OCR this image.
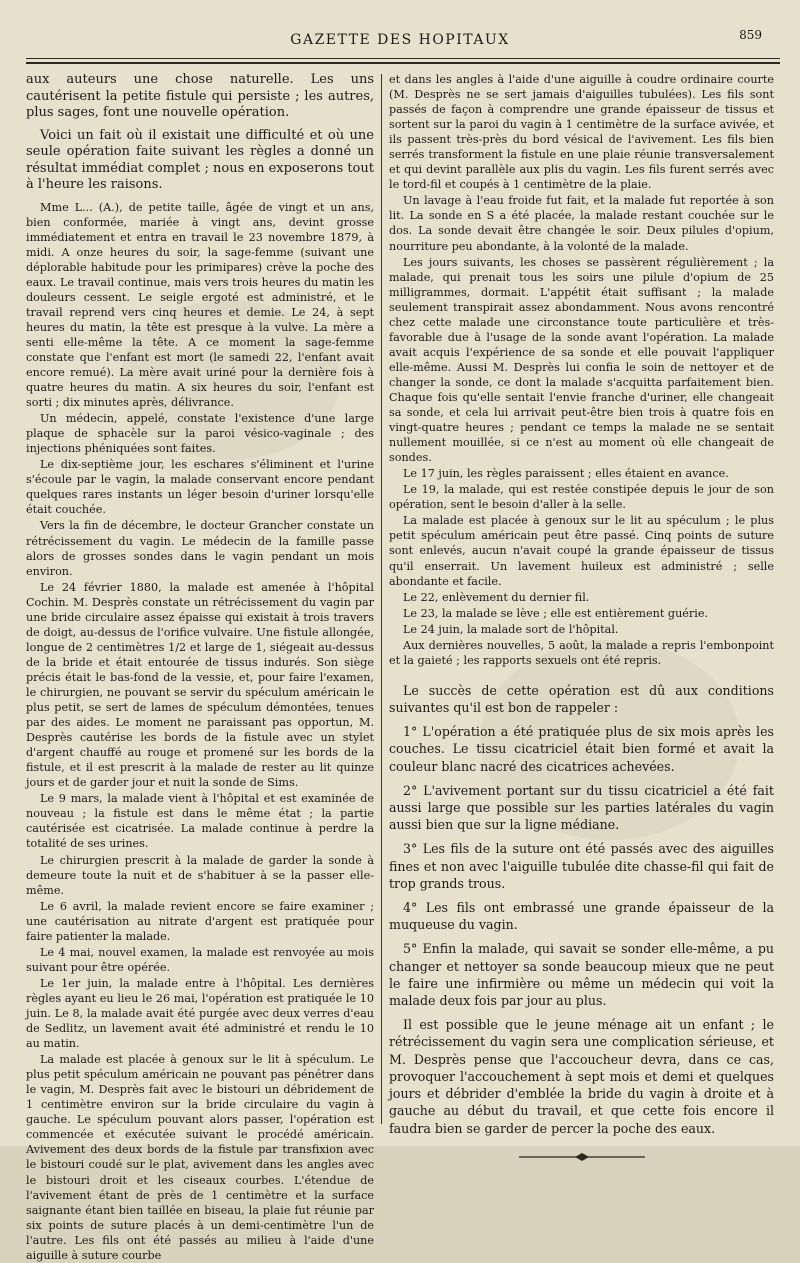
GAZETTE DES HOPITAUX	859

aux auteurs une chose naturelle. Les uns cautérisent la petite fistule qui persiste ; les autres, plus sages, font une nouvelle opération.

Voici un fait où il existait une difficulté et où une seule opération faite suivant les règles a donné un résultat immédiat complet ; nous en exposerons tout à l'heure les raisons.

Mme L... (A.), de petite taille, âgée de vingt et un ans, bien conformée, mariée à vingt ans, devint grosse immédiatement et entra en travail le 23 novembre 1879, à midi. A onze heures du soir, la sage-femme (suivant une déplorable habitude pour les primipares) crève la poche des eaux. Le travail continue, mais vers trois heures du matin les douleurs cessent. Le seigle ergoté est administré, et le travail reprend vers cinq heures et demie. Le 24, à sept heures du matin, la tête est presque à la vulve. La mère a senti elle-même la tête. A ce moment la sage-femme constate que l'enfant est mort (le samedi 22, l'enfant avait encore remué). La mère avait uriné pour la dernière fois à quatre heures du matin. A six heures du soir, l'enfant est sorti ; dix minutes après, délivrance.

Un médecin, appelé, constate l'existence d'une large plaque de sphacèle sur la paroi vésico-vaginale ; des injections phéniquées sont faites.

Le dix-septième jour, les eschares s'éliminent et l'urine s'écoule par le vagin, la malade conservant encore pendant quelques rares instants un léger besoin d'uriner lorsqu'elle était couchée.

Vers la fin de décembre, le docteur Grancher constate un rétrécissement du vagin. Le médecin de la famille passe alors de grosses sondes dans le vagin pendant un mois environ.

Le 24 février 1880, la malade est amenée à l'hôpital Cochin. M. Desprès constate un rétrécissement du vagin par une bride circulaire assez épaisse qui existait à trois travers de doigt, au-dessus de l'orifice vulvaire. Une fistule allongée, longue de 2 centimètres 1/2 et large de 1, siégeait au-dessus de la bride et était entourée de tissus indurés. Son siège précis était le bas-fond de la vessie, et, pour faire l'examen, le chirurgien, ne pouvant se servir du spéculum américain le plus petit, se sert de lames de spéculum démontées, tenues par des aides. Le moment ne paraissant pas opportun, M. Desprès cautérise les bords de la fistule avec un stylet d'argent chauffé au rouge et promené sur les bords de la fistule, et il est prescrit à la malade de rester au lit quinze jours et de garder jour et nuit la sonde de Sims.

Le 9 mars, la malade vient à l'hôpital et est examinée de nouveau ; la fistule est dans le même état ; la partie cautérisée est cicatrisée. La malade continue à perdre la totalité de ses urines.

Le chirurgien prescrit à la malade de garder la sonde à demeure toute la nuit et de s'habituer à se la passer elle-même.

Le 6 avril, la malade revient encore se faire examiner ; une cautérisation au nitrate d'argent est pratiquée pour faire patienter la malade.

Le 4 mai, nouvel examen, la malade est renvoyée au mois suivant pour être opérée.

Le 1er juin, la malade entre à l'hôpital. Les dernières règles ayant eu lieu le 26 mai, l'opération est pratiquée le 10 juin. Le 8, la malade avait été purgée avec deux verres d'eau de Sedlitz, un lavement avait été administré et rendu le 10 au matin.

La malade est placée à genoux sur le lit à spéculum. Le plus petit spéculum américain ne pouvant pas pénétrer dans le vagin, M. Desprès fait avec le bistouri un débridement de 1 centimètre environ sur la bride circulaire du vagin à gauche. Le spéculum pouvant alors passer, l'opération est commencée et exécutée suivant le procédé américain. Avivement des deux bords de la fistule par transfixion avec le bistouri coudé sur le plat, avivement dans les angles avec le bistouri droit et les ciseaux courbes. L'étendue de l'avivement étant de près de 1 centimètre et la surface saignante étant bien taillée en biseau, la plaie fut réunie par six points de suture placés à un demi-centimètre l'un de l'autre. Les fils ont été passés au milieu à l'aide d'une aiguille à suture courbe

et dans les angles à l'aide d'une aiguille à coudre ordinaire courte (M. Desprès ne se sert jamais d'aiguilles tubulées). Les fils sont passés de façon à comprendre une grande épaisseur de tissus et sortent sur la paroi du vagin à 1 centimètre de la surface avivée, et ils passent très-près du bord vésical de l'avivement. Les fils bien serrés transforment la fistule en une plaie réunie transversalement et qui devint parallèle aux plis du vagin. Les fils furent serrés avec le tord-fil et coupés à 1 centimètre de la plaie.

Un lavage à l'eau froide fut fait, et la malade fut reportée à son lit. La sonde en S a été placée, la malade restant couchée sur le dos. La sonde devait être changée le soir. Deux pilules d'opium, nourriture peu abondante, à la volonté de la malade.

Les jours suivants, les choses se passèrent régulièrement ; la malade, qui prenait tous les soirs une pilule d'opium de 25 milligrammes, dormait. L'appétit était suffisant ; la malade seulement transpirait assez abondamment. Nous avons rencontré chez cette malade une circonstance toute particulière et très-favorable due à l'usage de la sonde avant l'opération. La malade avait acquis l'expérience de sa sonde et elle pouvait l'appliquer elle-même. Aussi M. Desprès lui confia le soin de nettoyer et de changer la sonde, ce dont la malade s'acquitta parfaitement bien. Chaque fois qu'elle sentait l'envie franche d'uriner, elle changeait sa sonde, et cela lui arrivait peut-être bien trois à quatre fois en vingt-quatre heures ; pendant ce temps la malade ne se sentait nullement mouillée, si ce n'est au moment où elle changeait de sondes.

Le 17 juin, les règles paraissent ; elles étaient en avance.

Le 19, la malade, qui est restée constipée depuis le jour de son opération, sent le besoin d'aller à la selle.

La malade est placée à genoux sur le lit au spéculum ; le plus petit spéculum américain peut être passé. Cinq points de suture sont enlevés, aucun n'avait coupé la grande épaisseur de tissus qu'il enserrait. Un lavement huileux est administré ; selle abondante et facile.

Le 22, enlèvement du dernier fil.

Le 23, la malade se lève ; elle est entièrement guérie.

Le 24 juin, la malade sort de l'hôpital.

Aux dernières nouvelles, 5 août, la malade a repris l'embonpoint et la gaieté ; les rapports sexuels ont été repris.

Le succès de cette opération est dû aux conditions suivantes qu'il est bon de rappeler :

1° L'opération a été pratiquée plus de six mois après les couches. Le tissu cicatriciel était bien formé et avait la couleur blanc nacré des cicatrices achevées.

2° L'avivement portant sur du tissu cicatriciel a été fait aussi large que possible sur les parties latérales du vagin aussi bien que sur la ligne médiane.

3° Les fils de la suture ont été passés avec des aiguilles fines et non avec l'aiguille tubulée dite chasse-fil qui fait de trop grands trous.

4° Les fils ont embrassé une grande épaisseur de la muqueuse du vagin.

5° Enfin la malade, qui savait se sonder elle-même, a pu changer et nettoyer sa sonde beaucoup mieux que ne peut le faire une infirmière ou même un médecin qui voit la malade deux fois par jour au plus.

Il est possible que le jeune ménage ait un enfant ; le rétrécissement du vagin sera une complication sérieuse, et M. Desprès pense que l'accoucheur devra, dans ce cas, provoquer l'accouchement à sept mois et demi et quelques jours et débrider d'emblée la bride du vagin à droite et à gauche au début du travail, et que cette fois encore il faudra bien se garder de percer la poche des eaux.
